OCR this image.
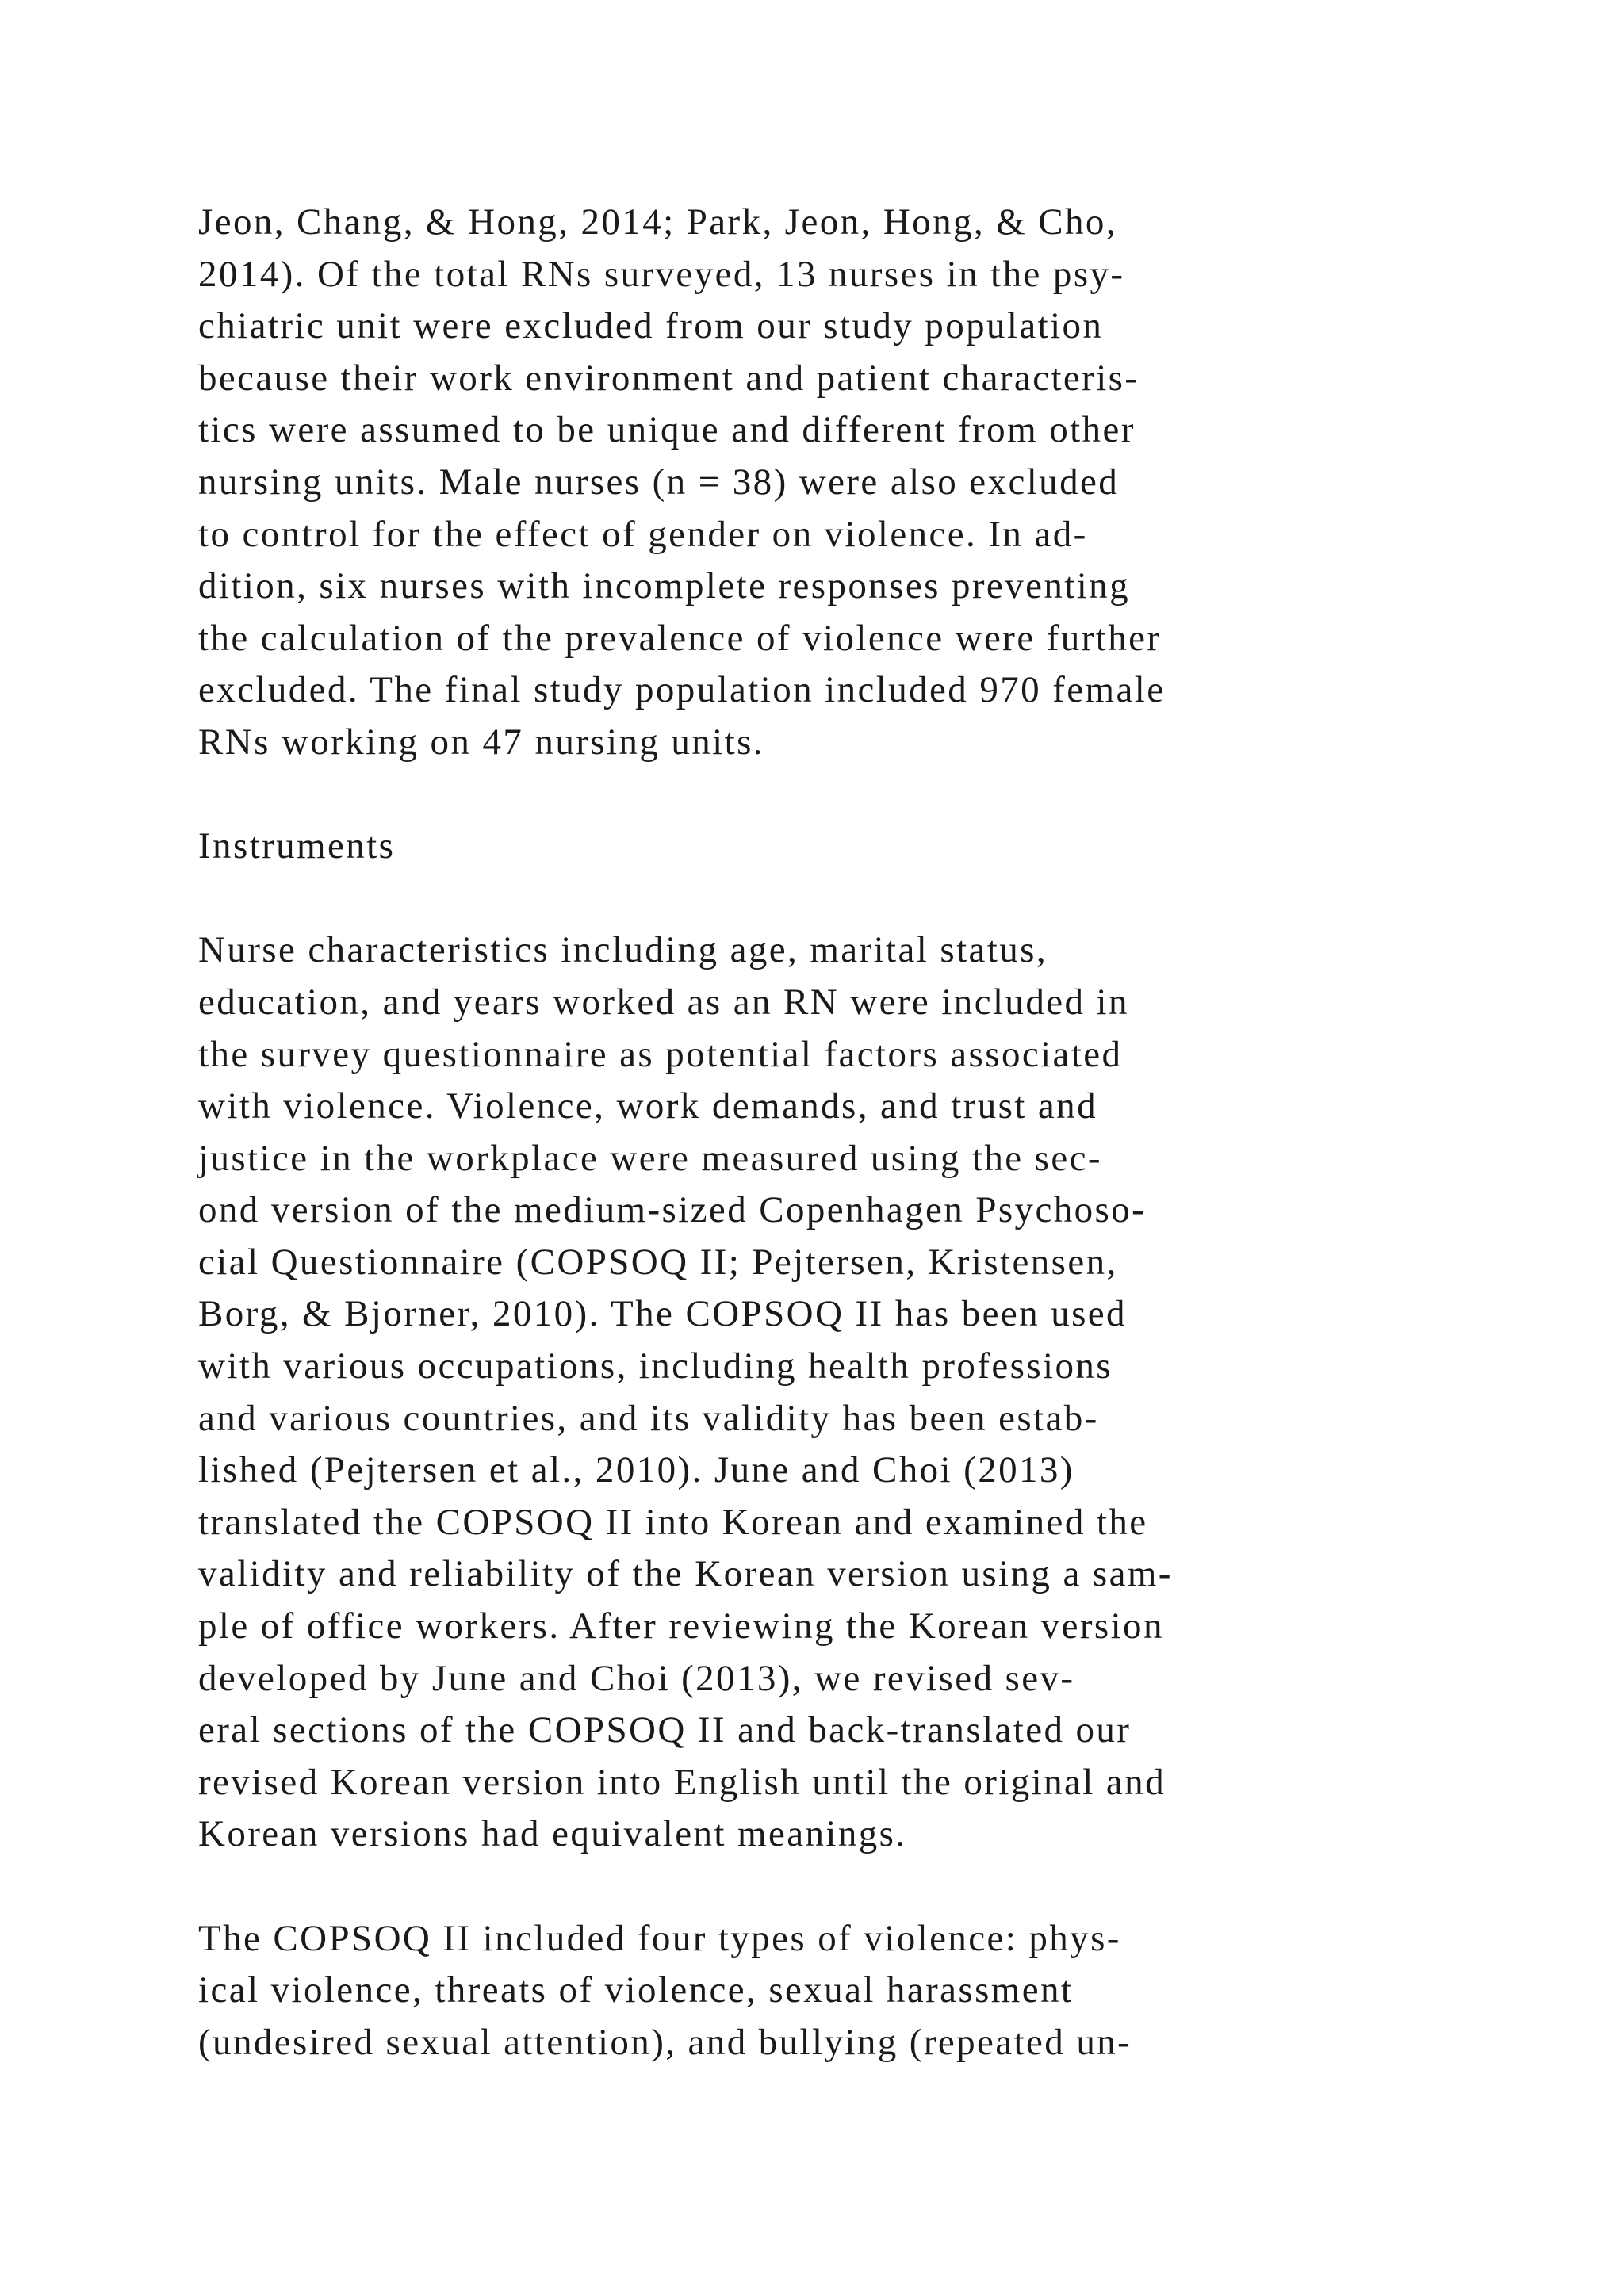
Jeon, Chang, & Hong, 2014; Park, Jeon, Hong, & Cho,
2014). Of the total RNs surveyed, 13 nurses in the psy-
chiatric unit were excluded from our study population
because their work environment and patient characteris-
tics were assumed to be unique and different from other
nursing units. Male nurses (n = 38) were also excluded
to control for the effect of gender on violence. In ad-
dition, six nurses with incomplete responses preventing
the calculation of the prevalence of violence were further
excluded. The final study population included 970 female
RNs working on 47 nursing units.
Instruments
Nurse characteristics including age, marital status,
education, and years worked as an RN were included in
the survey questionnaire as potential factors associated
with violence. Violence, work demands, and trust and
justice in the workplace were measured using the sec-
ond version of the medium-sized Copenhagen Psychoso-
cial Questionnaire (COPSOQ II; Pejtersen, Kristensen,
Borg, & Bjorner, 2010). The COPSOQ II has been used
with various occupations, including health professions
and various countries, and its validity has been estab-
lished (Pejtersen et al., 2010). June and Choi (2013)
translated the COPSOQ II into Korean and examined the
validity and reliability of the Korean version using a sam-
ple of office workers. After reviewing the Korean version
developed by June and Choi (2013), we revised sev-
eral sections of the COPSOQ II and back-translated our
revised Korean version into English until the original and
Korean versions had equivalent meanings.
The COPSOQ II included four types of violence: phys-
ical violence, threats of violence, sexual harassment
(undesired sexual attention), and bullying (repeated un-
